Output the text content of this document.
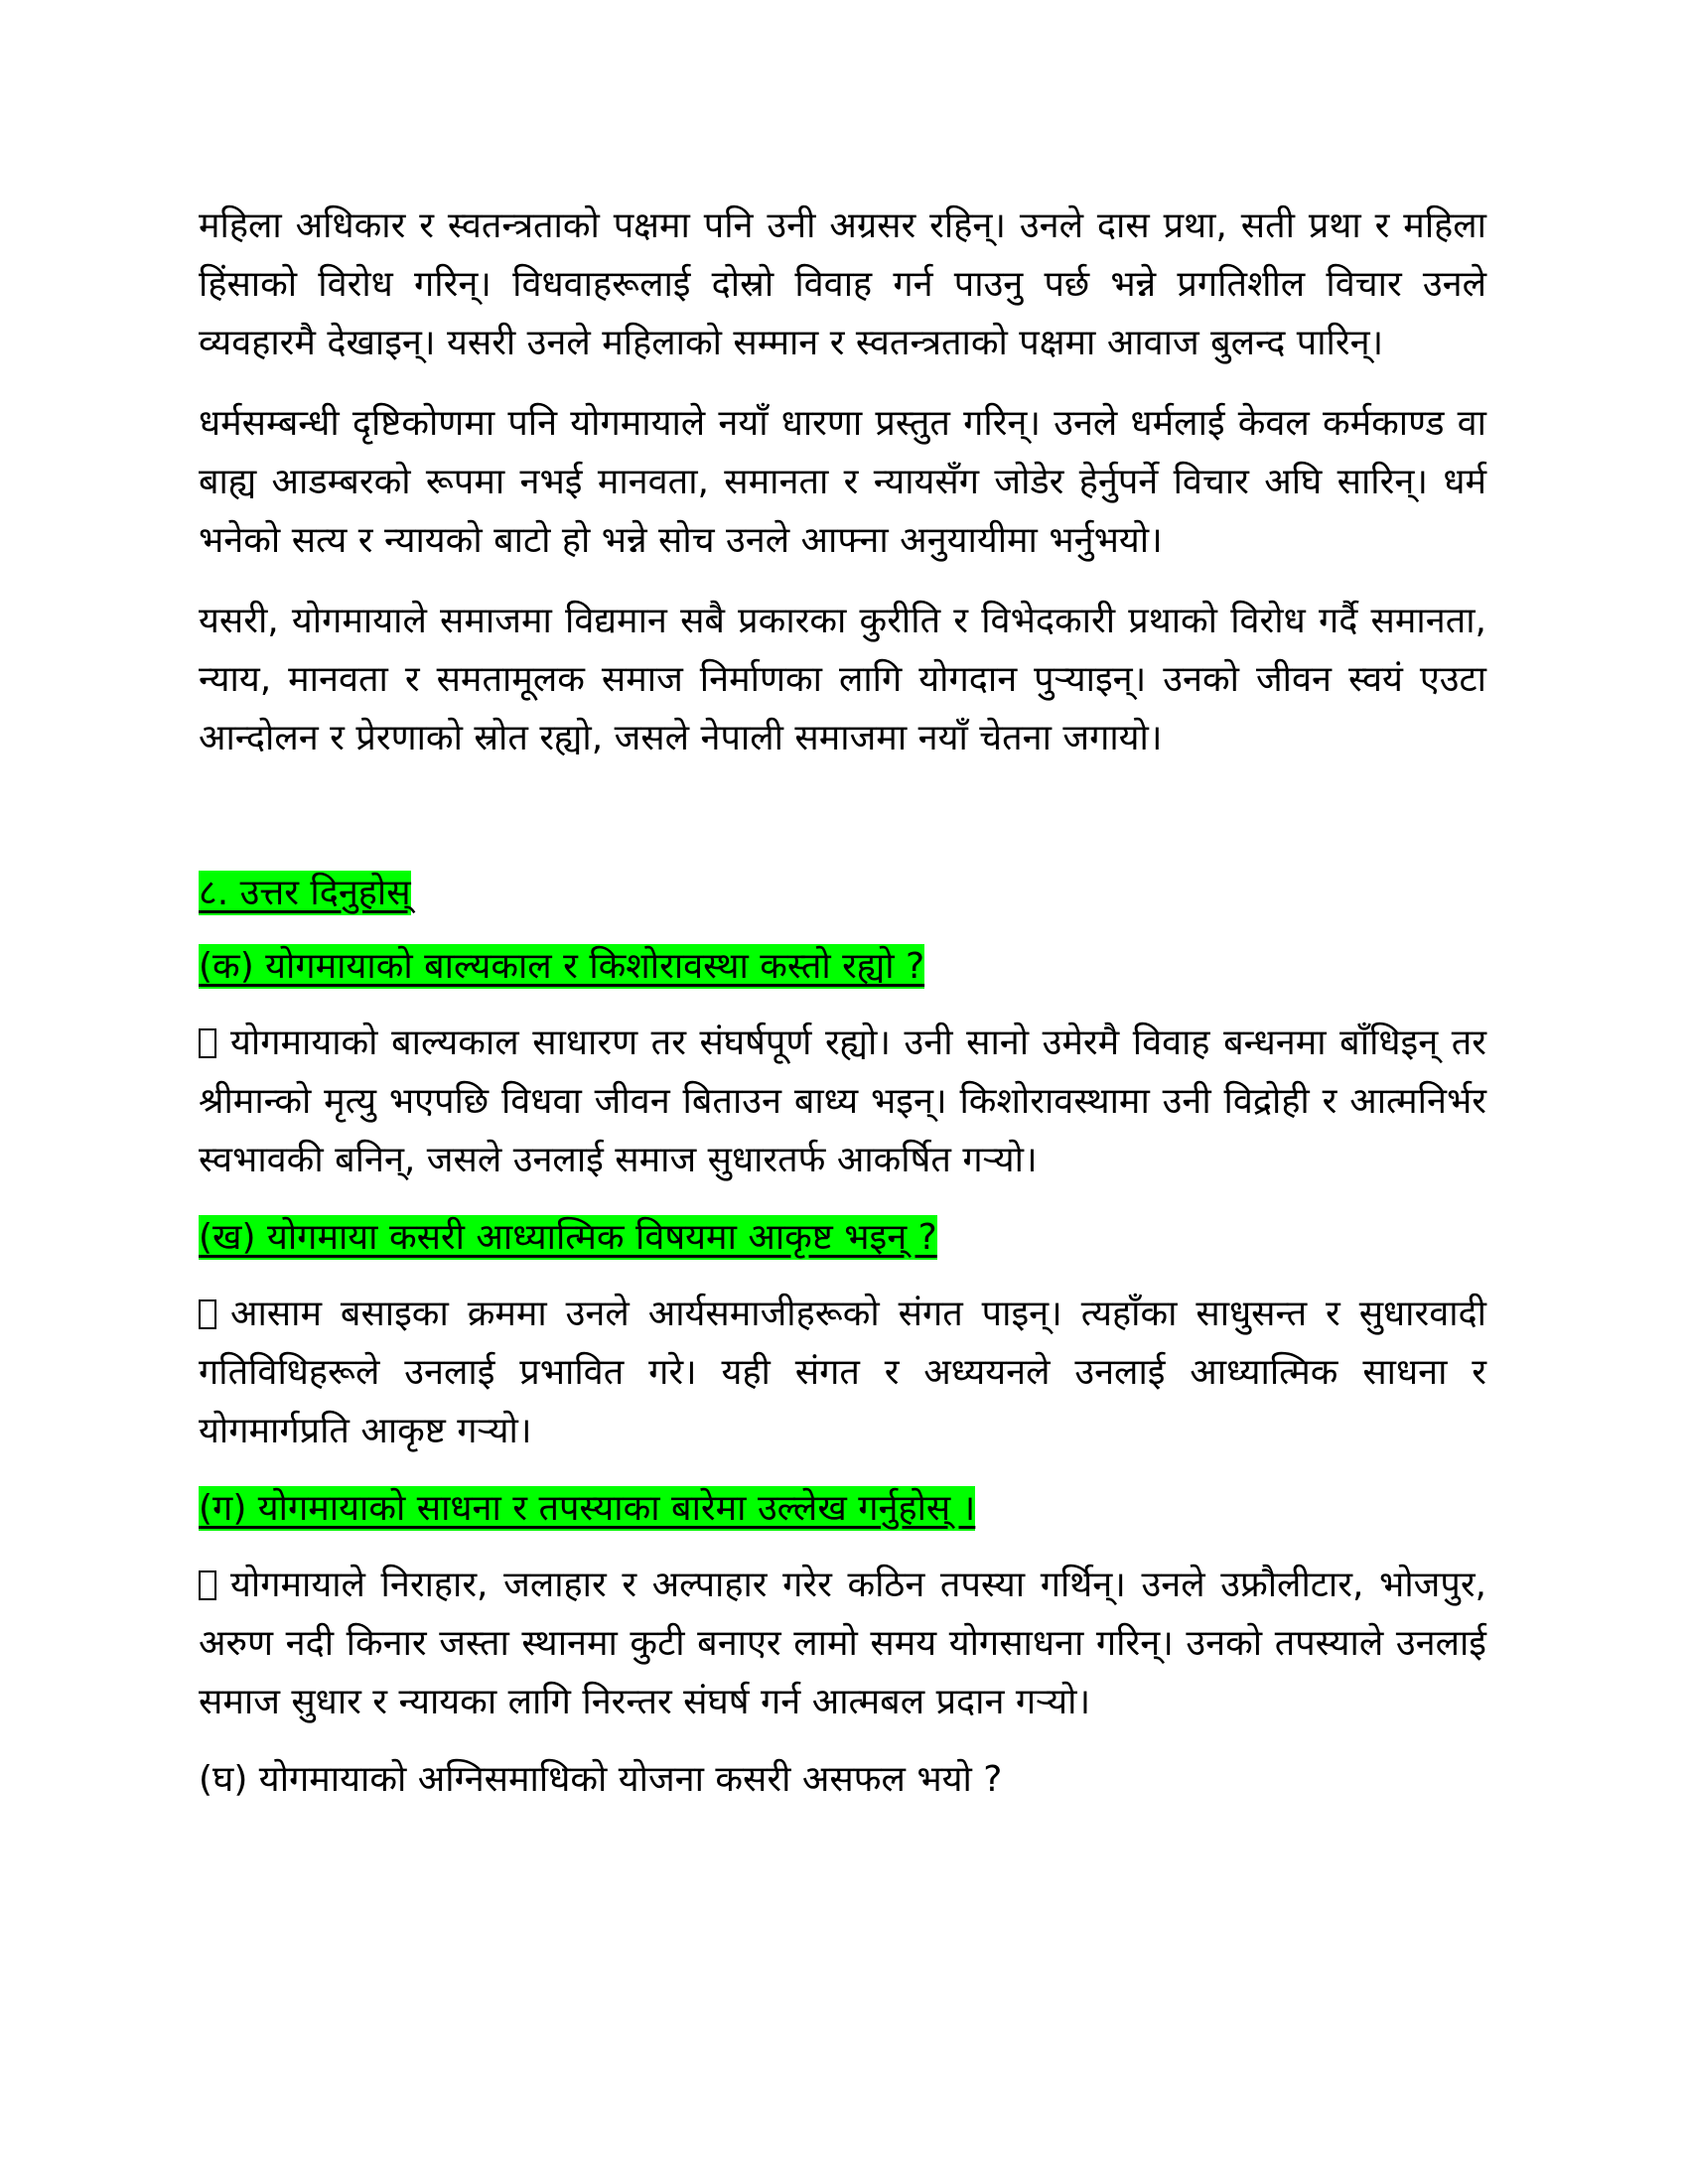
महिला अधिकार र स्वतन्त्रताको पक्षमा पनि उनी अग्रसर रहिन्। उनले दास प्रथा, सती प्रथा र महिला हिंसाको विरोध गरिन्। विधवाहरूलाई दोस्रो विवाह गर्न पाउनु पर्छ भन्ने प्रगतिशील विचार उनले व्यवहारमै देखाइन्। यसरी उनले महिलाको सम्मान र स्वतन्त्रताको पक्षमा आवाज बुलन्द पारिन्।

धर्मसम्बन्धी दृष्टिकोणमा पनि योगमायाले नयाँ धारणा प्रस्तुत गरिन्। उनले धर्मलाई केवल कर्मकाण्ड वा बाह्य आडम्बरको रूपमा नभई मानवता, समानता र न्यायसँग जोडेर हेर्नुपर्ने विचार अघि सारिन्। धर्म भनेको सत्य र न्यायको बाटो हो भन्ने सोच उनले आफ्ना अनुयायीमा भर्नुभयो।

यसरी, योगमायाले समाजमा विद्यमान सबै प्रकारका कुरीति र विभेदकारी प्रथाको विरोध गर्दै समानता, न्याय, मानवता र समतामूलक समाज निर्माणका लागि योगदान पुऱ्याइन्। उनको जीवन स्वयं एउटा आन्दोलन र प्रेरणाको स्रोत रह्यो, जसले नेपाली समाजमा नयाँ चेतना जगायो।

८. उत्तर दिनुहोस्

(क) योगमायाको बाल्यकाल र किशोरावस्था कस्तो रह्यो ?

योगमायाको बाल्यकाल साधारण तर संघर्षपूर्ण रह्यो। उनी सानो उमेरमै विवाह बन्धनमा बाँधिइन् तर श्रीमान्को मृत्यु भएपछि विधवा जीवन बिताउन बाध्य भइन्। किशोरावस्थामा उनी विद्रोही र आत्मनिर्भर स्वभावकी बनिन्, जसले उनलाई समाज सुधारतर्फ आकर्षित गऱ्यो।

(ख) योगमाया कसरी आध्यात्मिक विषयमा आकृष्ट भइन् ?

आसाम बसाइका क्रममा उनले आर्यसमाजीहरूको संगत पाइन्। त्यहाँका साधुसन्त र सुधारवादी गतिविधिहरूले उनलाई प्रभावित गरे। यही संगत र अध्ययनले उनलाई आध्यात्मिक साधना र योगमार्गप्रति आकृष्ट गऱ्यो।

(ग) योगमायाको साधना र तपस्याका बारेमा उल्लेख गर्नुहोस् ।

योगमायाले निराहार, जलाहार र अल्पाहार गरेर कठिन तपस्या गर्थिन्। उनले उफ्रौलीटार, भोजपुर, अरुण नदी किनार जस्ता स्थानमा कुटी बनाएर लामो समय योगसाधना गरिन्। उनको तपस्याले उनलाई समाज सुधार र न्यायका लागि निरन्तर संघर्ष गर्न आत्मबल प्रदान गऱ्यो।

(घ) योगमायाको अग्निसमाधिको योजना कसरी असफल भयो ?
